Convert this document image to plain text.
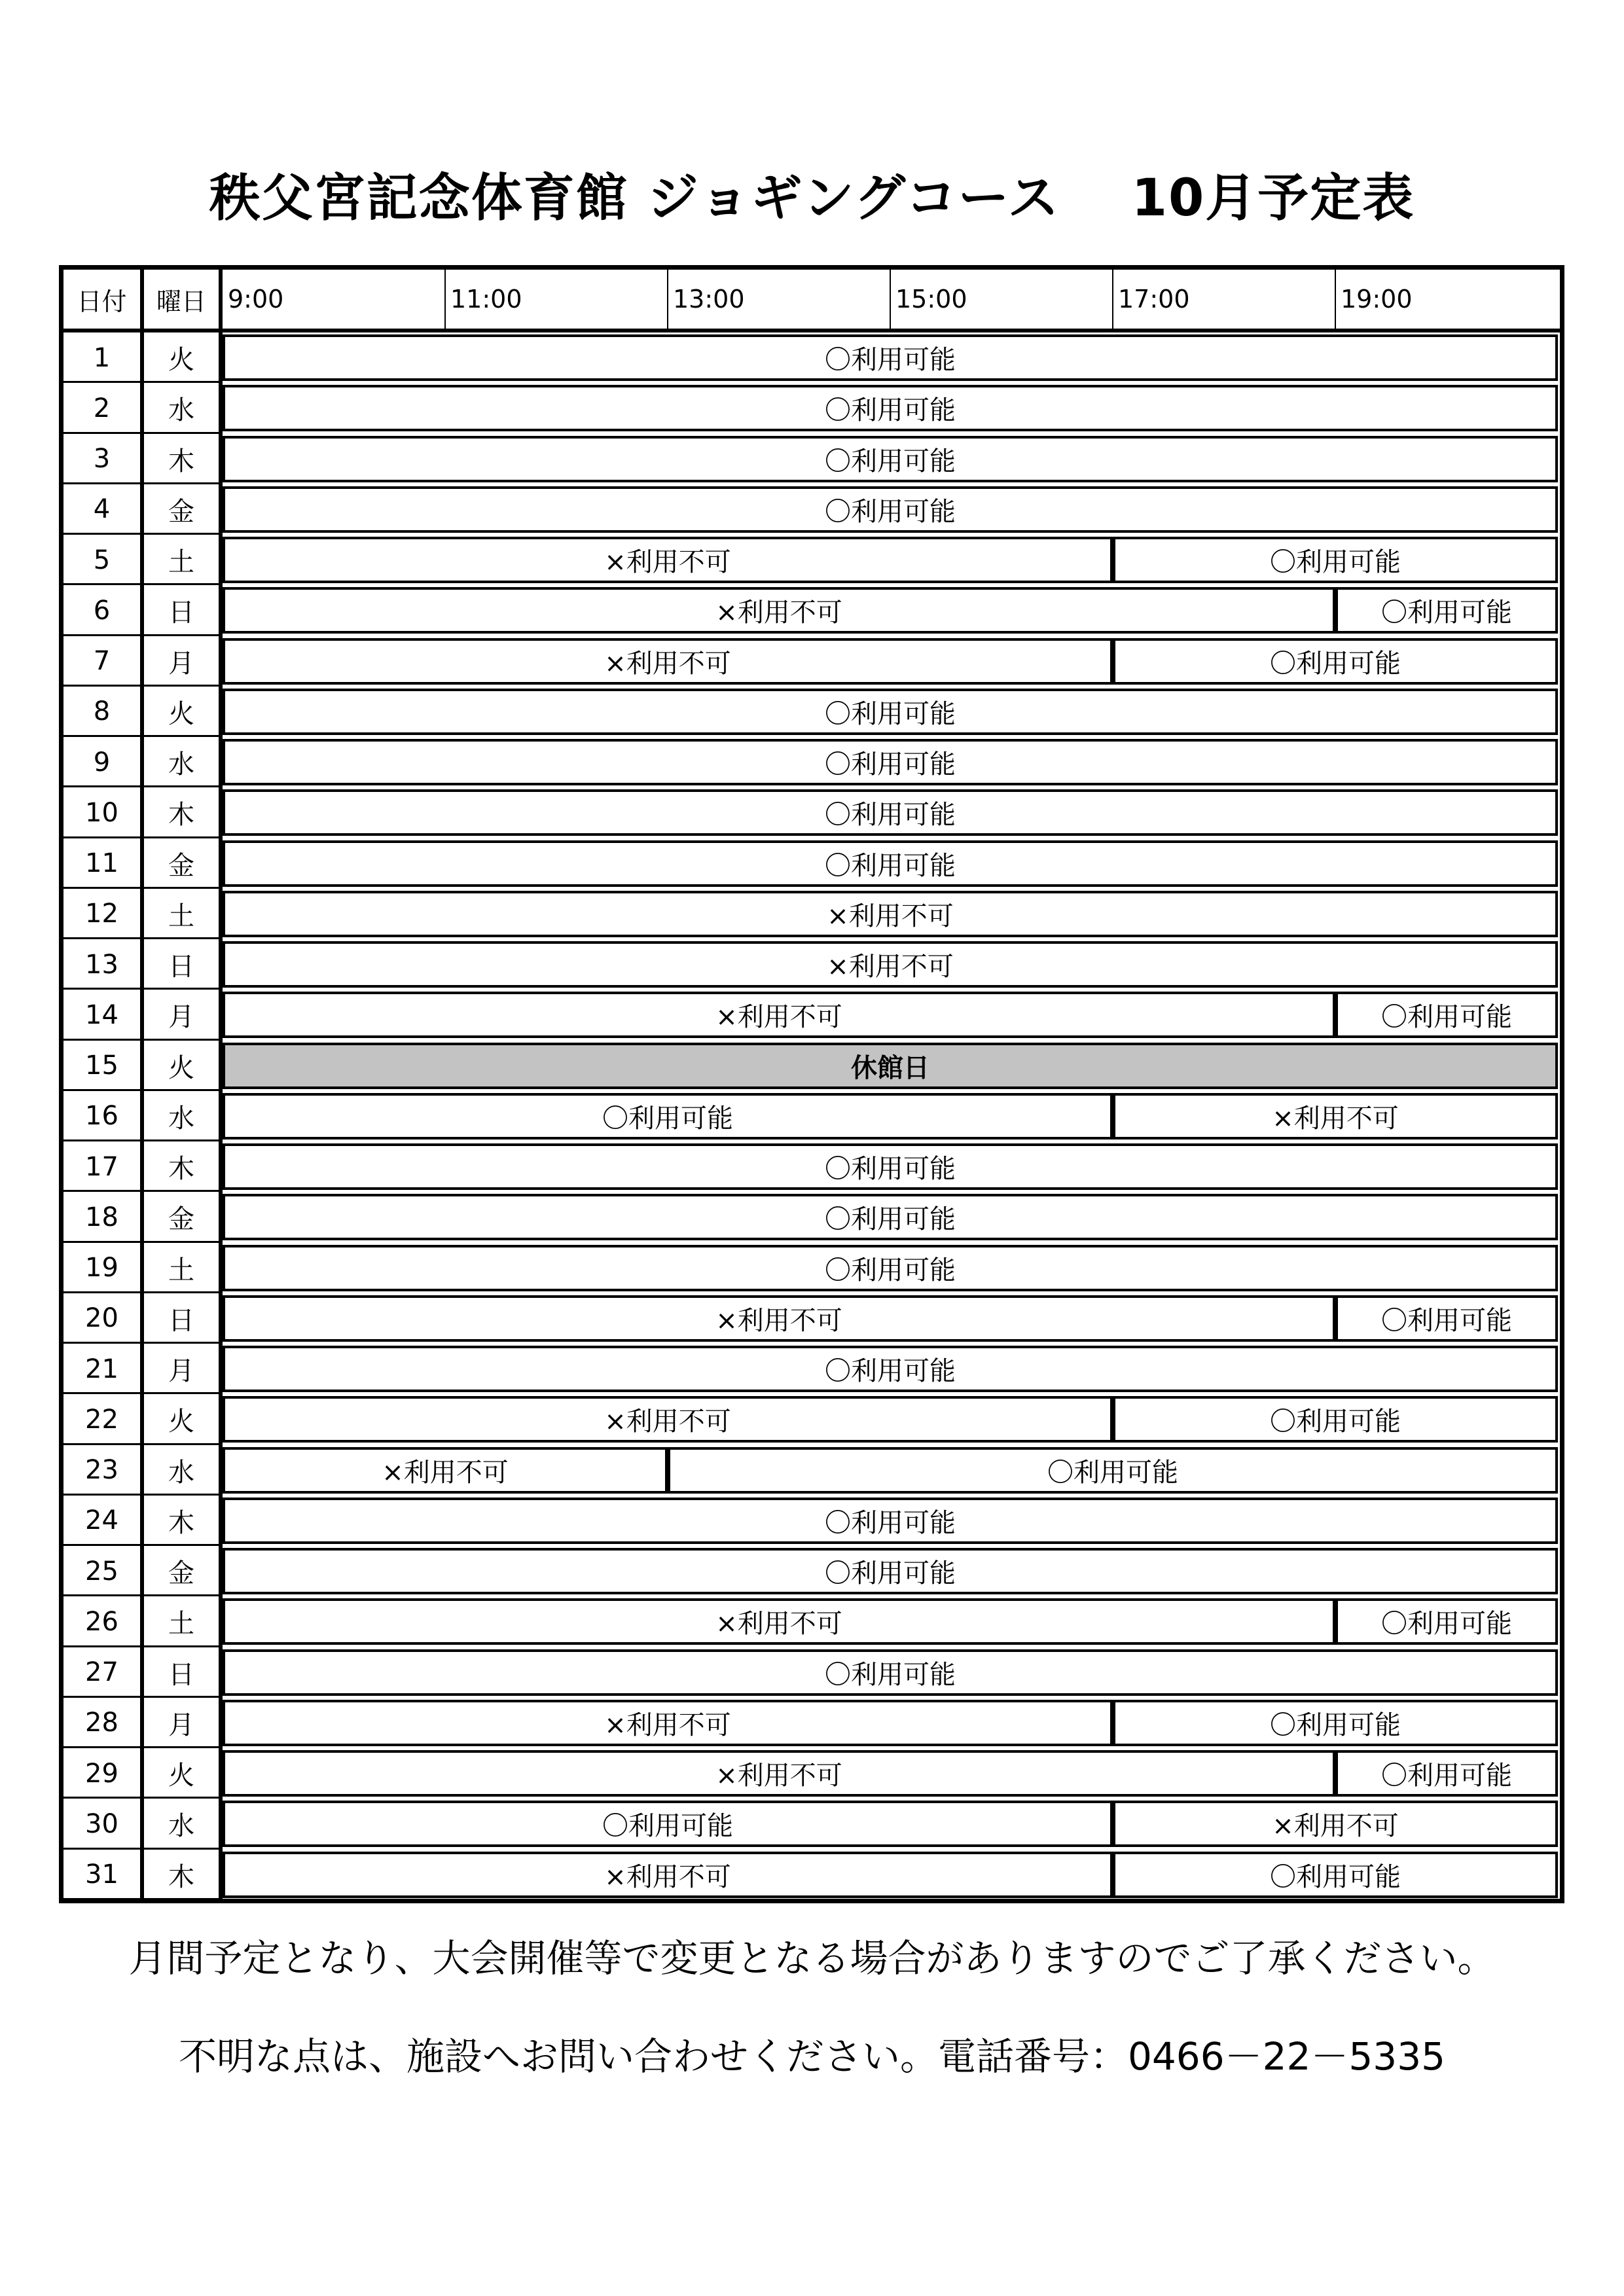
秩父宮記念体育館 ジョギングコース　 10月予定表
日付	曜日 9:00	11:00	13:00	15:00	17:00	19:00
1	火	〇利用可能
2	水	〇利用可能
3	木	〇利用可能
4	金	〇利用可能
5	土	×利用不可	〇利用可能
6	日	×利用不可	〇利用可能
7	月	×利用不可	〇利用可能
8	火	〇利用可能
9	水	〇利用可能
10	木	〇利用可能
11	金	〇利用可能
12	土	×利用不可
13	日	×利用不可
14	月	×利用不可	〇利用可能
15	火	休館日
16	水	〇利用可能	×利用不可
17	木	〇利用可能
18	金	〇利用可能
19	土	〇利用可能
20	日	×利用不可	〇利用可能
21	月	〇利用可能
22	火	×利用不可	〇利用可能
23	水	×利用不可	〇利用可能
24	木	〇利用可能
25	金	〇利用可能
26	土	×利用不可	〇利用可能
27	日	〇利用可能
28	月	×利用不可	〇利用可能
29	火	×利用不可	〇利用可能
30	水	〇利用可能	×利用不可
31	木	×利用不可	〇利用可能
月間予定となり、大会開催等で変更となる場合がありますのでご了承ください。
不明な点は、施設へお問い合わせください。電話番号：0466－22－5335
